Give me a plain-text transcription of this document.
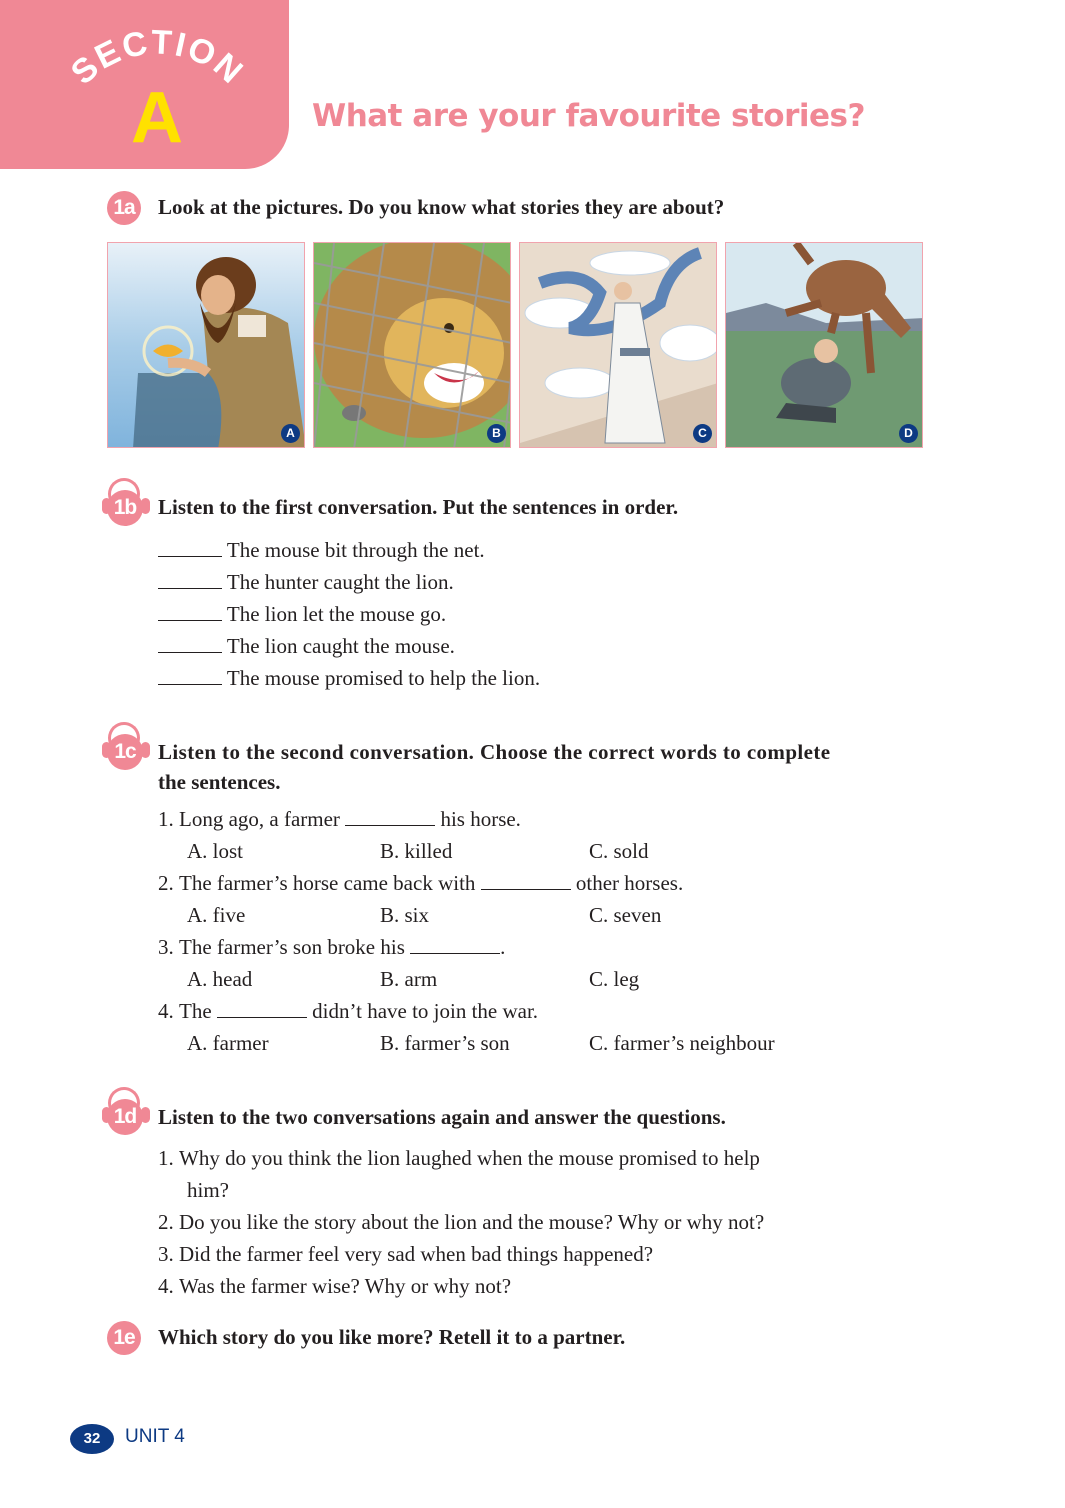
SECTION
A	What are your favourite stories?
1a	Look at the pictures. Do you know what stories they are about?
A	B	C	D
1b	Listen to the first conversation. Put the sentences in order.
The mouse bit through the net.
The hunter caught the lion.
The lion let the mouse go.
The lion caught the mouse.
The mouse promised to help the lion.
1c	Listen to the second conversation. Choose the correct words to complete
the sentences.
1. Long ago, a farmer	his horse.
A. lost	B. killed	C. sold
2. The farmer’s horse came back with	other horses.
A. five	B. six	C. seven
3. The farmer’s son broke his	.
A. head	B. arm	C. leg
4. The	didn’t have to join the war.
A. farmer	B. farmer’s son	C. farmer’s neighbour
1d	Listen to the two conversations again and answer the questions.
1. Why do you think the lion laughed when the mouse promised to help
him?
2. Do you like the story about the lion and the mouse? Why or why not?
3. Did the farmer feel very sad when bad things happened?
4. Was the farmer wise? Why or why not?
1e	Which story do you like more? Retell it to a partner.
32	UNIT 4
